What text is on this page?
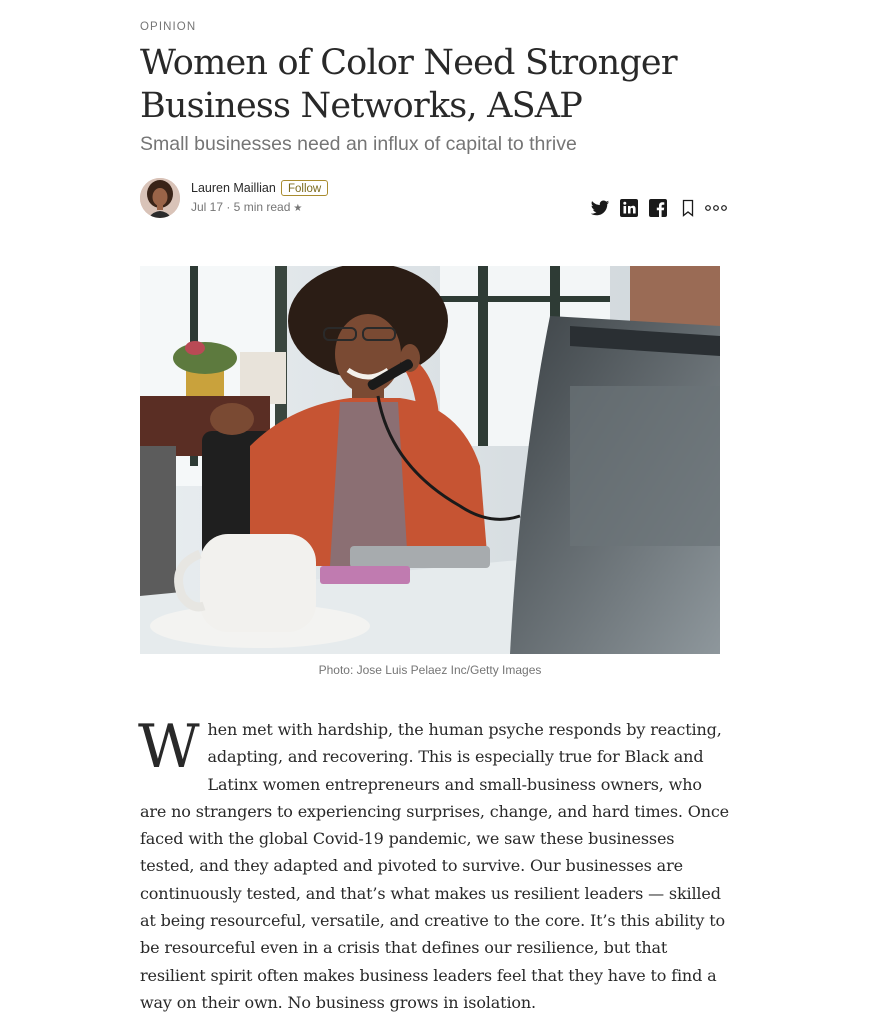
OPINION
Women of Color Need Stronger Business Networks, ASAP
Small businesses need an influx of capital to thrive
Lauren Maillian	Follow
Jul 17 · 5 min read ★
Photo: Jose Luis Pelaez Inc/Getty Images

When met with hardship, the human psyche responds by reacting, adapting, and recovering. This is especially true for Black and Latinx women entrepreneurs and small-business owners, who are no strangers to experiencing surprises, change, and hard times. Once faced with the global Covid-19 pandemic, we saw these businesses tested, and they adapted and pivoted to survive. Our businesses are continuously tested, and that’s what makes us resilient leaders — skilled at being resourceful, versatile, and creative to the core. It’s this ability to be resourceful even in a crisis that defines our resilience, but that resilient spirit often makes business leaders feel that they have to find a way on their own. No business grows in isolation.
